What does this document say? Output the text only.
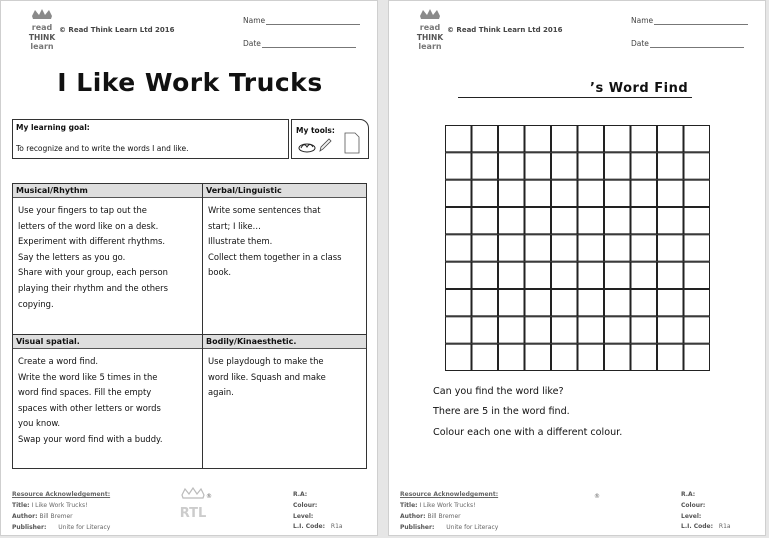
read
THINK
learn
© Read Think Learn Ltd 2016
Name
Date
I Like Work Trucks
My learning goal:
To recognize and to write the words I and like.
My tools:
Musical/Rhythm
Use your fingers to tap out the
letters of the word like on a desk.
Experiment with different rhythms.
Say the letters as you go.
Share with your group, each person
playing their rhythm and the others
copying.
Verbal/Linguistic
Write some sentences that
start; I like…
Illustrate them.
Collect them together in a class
book.
Visual spatial.
Create a word find.
Write the word like 5 times in the
word find spaces. Fill the empty
spaces with other letters or words
you know.
Swap your word find with a buddy.
Bodily/Kinaesthetic.
Use playdough to make the
word like. Squash and make
again.
Resource Acknowledgement:
Title: I Like Work Trucks!
Author: Bill Bremer
Publisher: Unite for Literacy
RTL
®	R.A:
Colour:
Level:
L.I. Code: R1a
read
THINK
learn
© Read Think Learn Ltd 2016
Name
Date
’s Word Find
Can you find the word like?
There are 5 in the word find.
Colour each one with a different colour.
Resource Acknowledgement:
Title: I Like Work Trucks!
Author: Bill Bremer
Publisher: Unite for Literacy
®	R.A:
Colour:
Level:
L.I. Code: R1a
